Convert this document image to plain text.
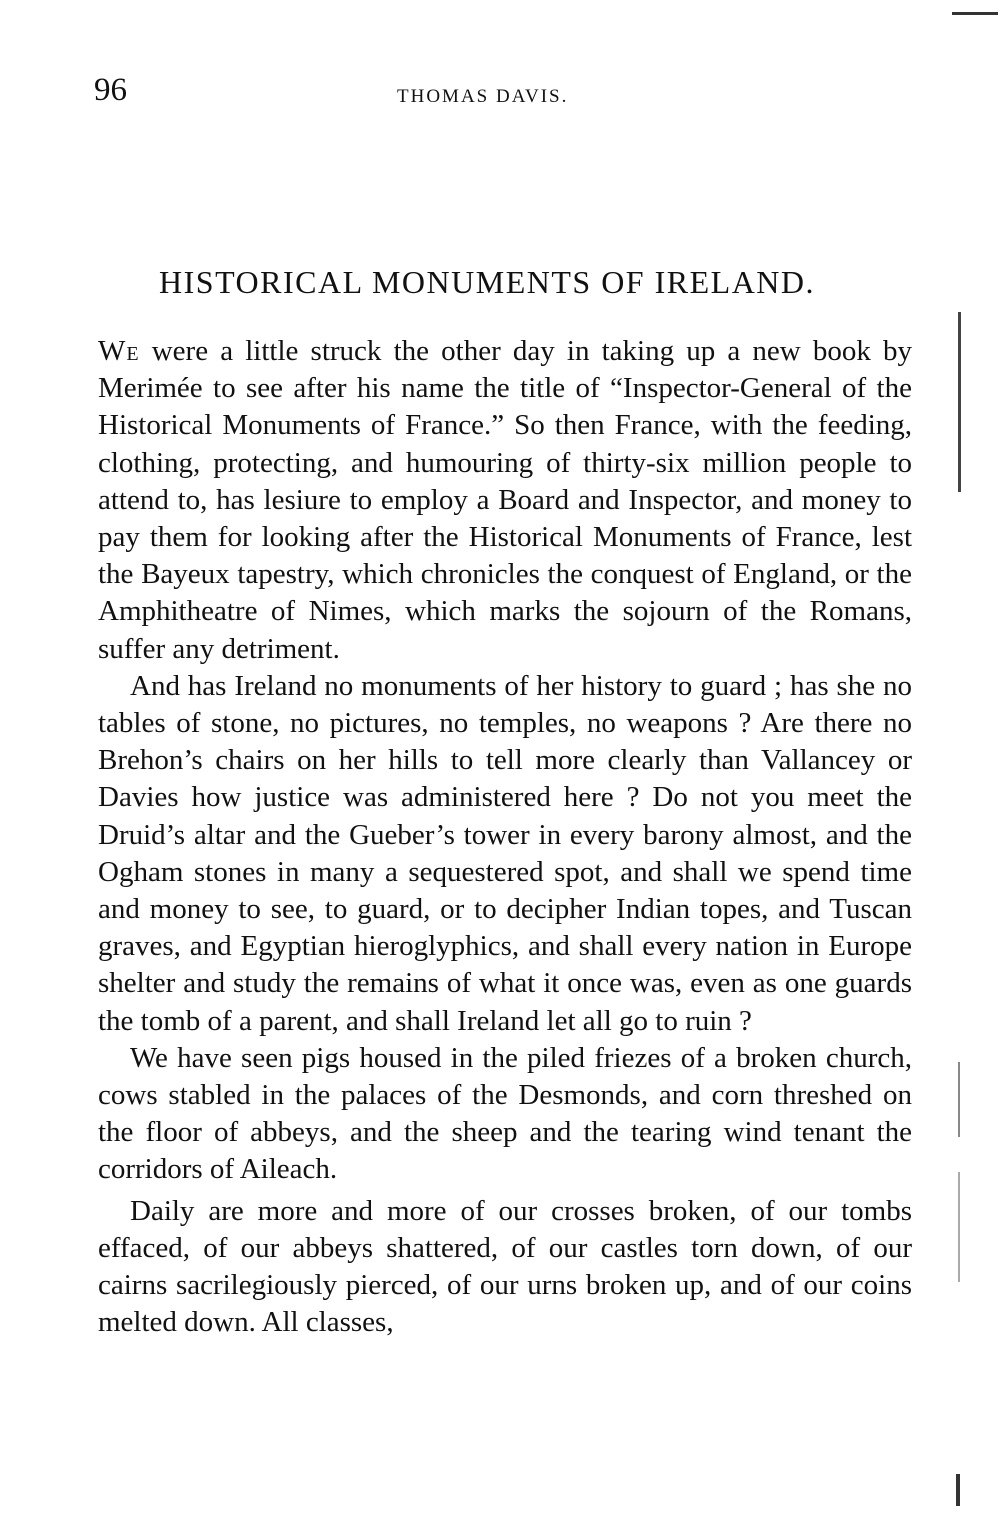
96	THOMAS DAVIS.
HISTORICAL MONUMENTS OF IRELAND.

We were a little struck the other day in taking up a new book by Merimée to see after his name the title of “Inspector-General of the Historical Monuments of France.” So then France, with the feeding, clothing, protecting, and humouring of thirty-six million people to attend to, has lesiure to employ a Board and Inspector, and money to pay them for looking after the Historical Monuments of France, lest the Bayeux tapestry, which chronicles the conquest of England, or the Amphitheatre of Nimes, which marks the sojourn of the Romans, suffer any detriment.

And has Ireland no monuments of her history to guard ; has she no tables of stone, no pictures, no temples, no weapons ? Are there no Brehon’s chairs on her hills to tell more clearly than Vallancey or Davies how justice was administered here ? Do not you meet the Druid’s altar and the Gueber’s tower in every barony almost, and the Ogham stones in many a sequestered spot, and shall we spend time and money to see, to guard, or to decipher Indian topes, and Tuscan graves, and Egyptian hieroglyphics, and shall every nation in Europe shelter and study the remains of what it once was, even as one guards the tomb of a parent, and shall Ireland let all go to ruin ?

We have seen pigs housed in the piled friezes of a broken church, cows stabled in the palaces of the Desmonds, and corn threshed on the floor of abbeys, and the sheep and the tearing wind tenant the corridors of Aileach.

Daily are more and more of our crosses broken, of our tombs effaced, of our abbeys shattered, of our castles torn down, of our cairns sacrilegiously pierced, of our urns broken up, and of our coins melted down. All classes,
